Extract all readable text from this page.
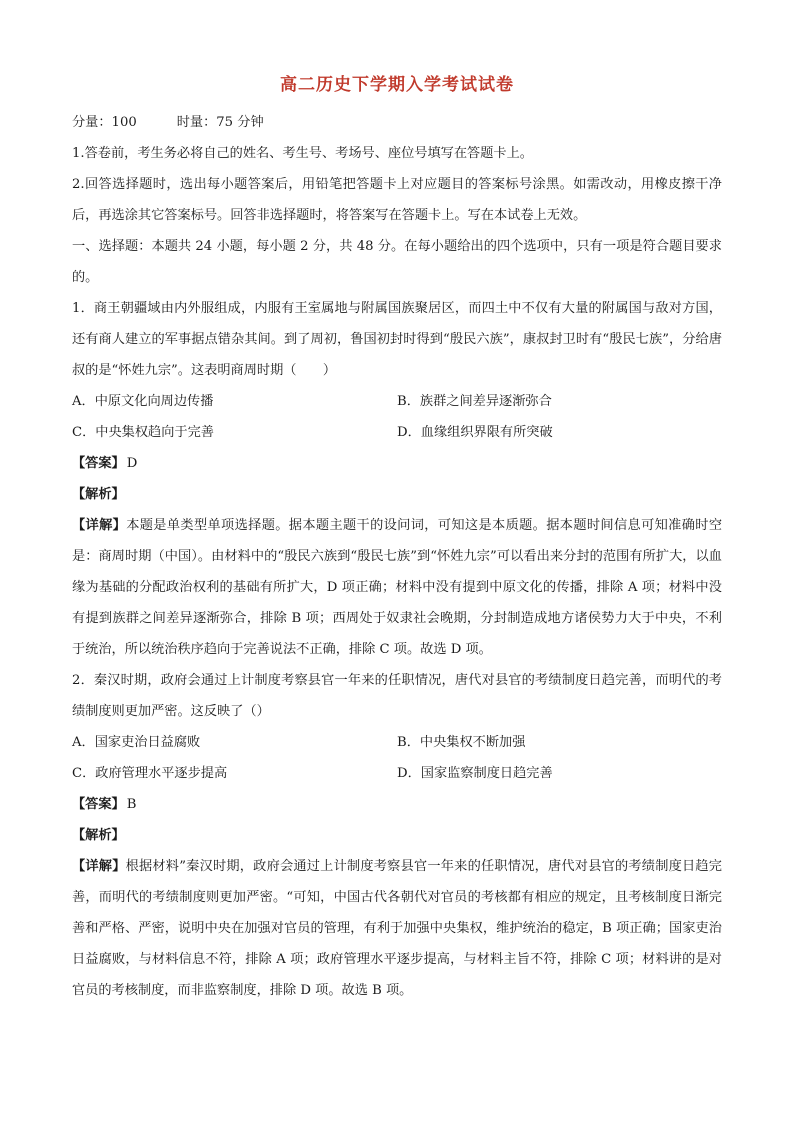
高二历史下学期入学考试试卷

分量：100	时量：75 分钟

1.答卷前，考生务必将自己的姓名、考生号、考场号、座位号填写在答题卡上。

2.回答选择题时，选出每小题答案后，用铅笔把答题卡上对应题目的答案标号涂黑。如需改动，用橡皮擦干净后，再选涂其它答案标号。回答非选择题时，将答案写在答题卡上。写在本试卷上无效。

一、选择题：本题共 24 小题，每小题 2 分，共 48 分。在每小题给出的四个选项中，只有一项是符合题目要求的。

1．商王朝疆域由内外服组成，内服有王室属地与附属国族聚居区，而四土中不仅有大量的附属国与敌对方国，还有商人建立的军事据点错杂其间。到了周初，鲁国初封时得到“殷民六族”，康叔封卫时有“殷民七族”，分给唐叔的是“怀姓九宗”。这表明商周时期（　　）

A．中原文化向周边传播	B．族群之间差异逐渐弥合
C．中央集权趋向于完善	D．血缘组织界限有所突破

【答案】 D

【解析】

【详解】本题是单类型单项选择题。据本题主题干的设问词，可知这是本质题。据本题时间信息可知准确时空是：商周时期（中国）。由材料中的“殷民六族到“殷民七族”到“怀姓九宗”可以看出来分封的范围有所扩大，以血缘为基础的分配政治权利的基础有所扩大，D 项正确；材料中没有提到中原文化的传播，排除 A 项；材料中没有提到族群之间差异逐渐弥合，排除 B 项；西周处于奴隶社会晚期，分封制造成地方诸侯势力大于中央，不利于统治，所以统治秩序趋向于完善说法不正确，排除 C 项。故选 D 项。

2．秦汉时期，政府会通过上计制度考察县官一年来的任职情况，唐代对县官的考绩制度日趋完善，而明代的考绩制度则更加严密。这反映了（）

A．国家吏治日益腐败	B．中央集权不断加强
C．政府管理水平逐步提高	D．国家监察制度日趋完善

【答案】 B

【解析】

【详解】根据材料”秦汉时期，政府会通过上计制度考察县官一年来的任职情况，唐代对县官的考绩制度日趋完善，而明代的考绩制度则更加严密。“可知，中国古代各朝代对官员的考核都有相应的规定，且考核制度日渐完善和严格、严密，说明中央在加强对官员的管理，有利于加强中央集权，维护统治的稳定，B 项正确；国家吏治日益腐败，与材料信息不符，排除 A 项；政府管理水平逐步提高，与材料主旨不符，排除 C 项；材料讲的是对官员的考核制度，而非监察制度，排除 D 项。故选 B 项。
